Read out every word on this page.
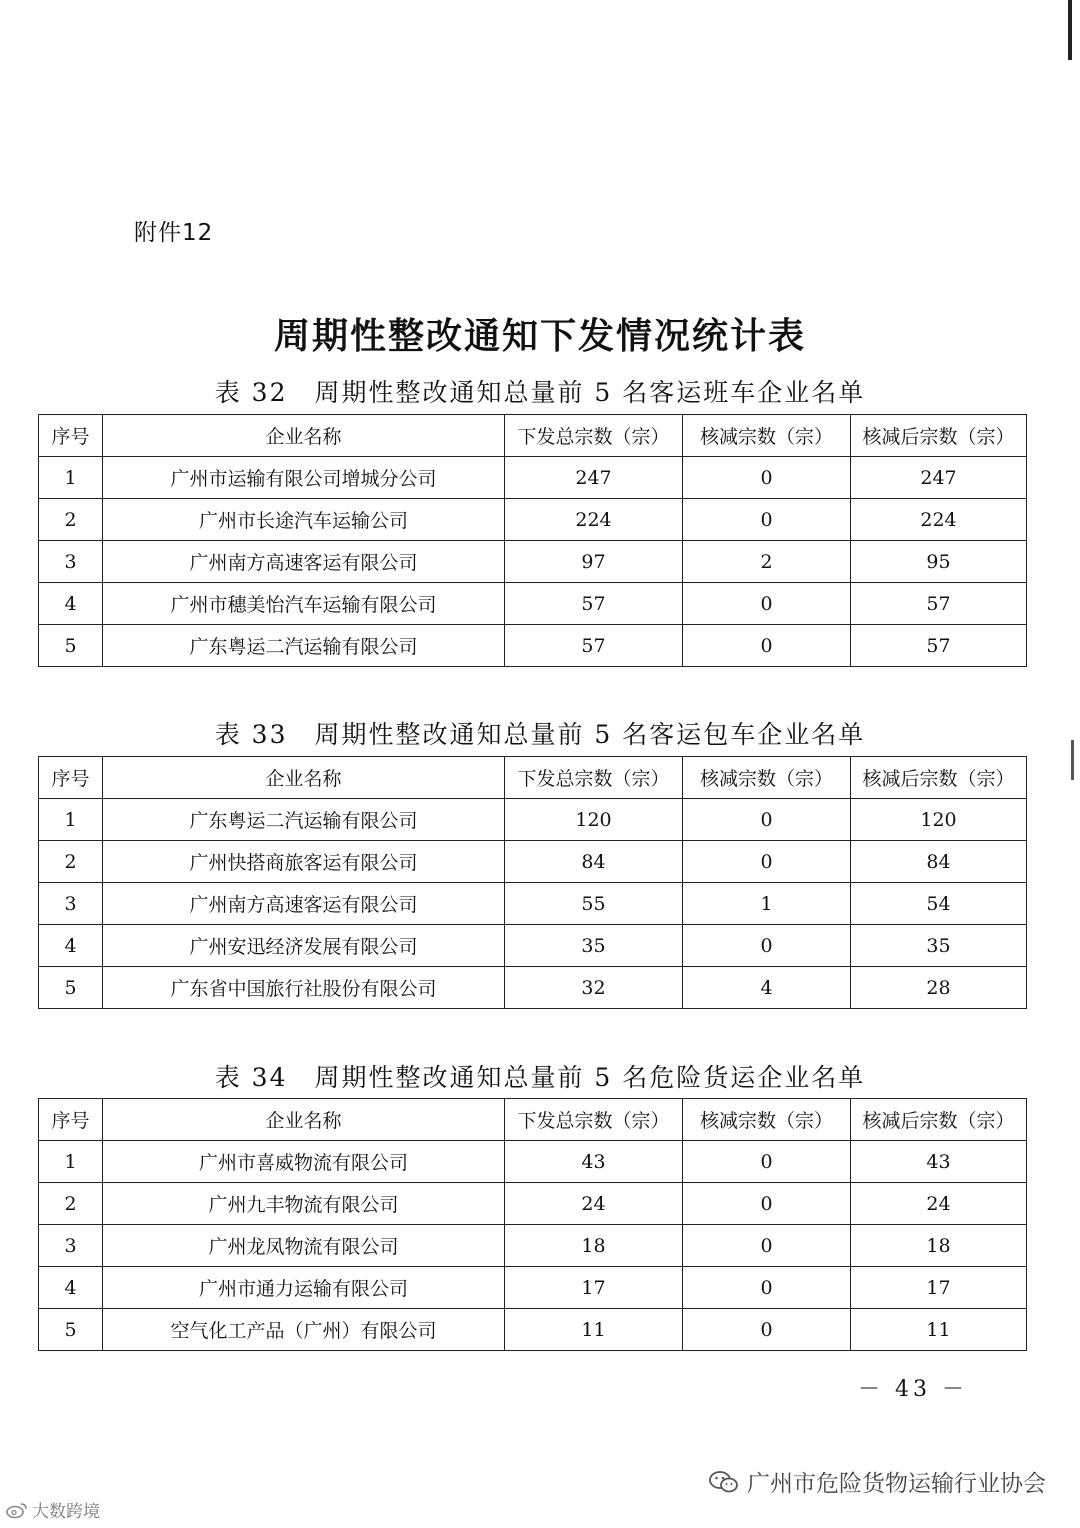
附件12
周期性整改通知下发情况统计表
表 32　周期性整改通知总量前 5 名客运班车企业名单
序号	企业名称	下发总宗数（宗）	核减宗数（宗）	核减后宗数（宗）
1	广州市运输有限公司增城分公司	247	0	247
2	广州市长途汽车运输公司	224	0	224
3	广州南方高速客运有限公司	97	2	95
4	广州市穗美怡汽车运输有限公司	57	0	57
5	广东粤运二汽运输有限公司	57	0	57
表 33　周期性整改通知总量前 5 名客运包车企业名单
序号	企业名称	下发总宗数（宗）	核减宗数（宗）	核减后宗数（宗）
1	广东粤运二汽运输有限公司	120	0	120
2	广州快搭商旅客运有限公司	84	0	84
3	广州南方高速客运有限公司	55	1	54
4	广州安迅经济发展有限公司	35	0	35
5	广东省中国旅行社股份有限公司	32	4	28
表 34　周期性整改通知总量前 5 名危险货运企业名单
序号	企业名称	下发总宗数（宗）	核减宗数（宗）	核减后宗数（宗）
1	广州市喜威物流有限公司	43	0	43
2	广州九丰物流有限公司	24	0	24
3	广州龙凤物流有限公司	18	0	18
4	广州市通力运输有限公司	17	0	17
5	空气化工产品（广州）有限公司	11	0	11
－ 43 －
广州市危险货物运输行业协会
大数跨境
